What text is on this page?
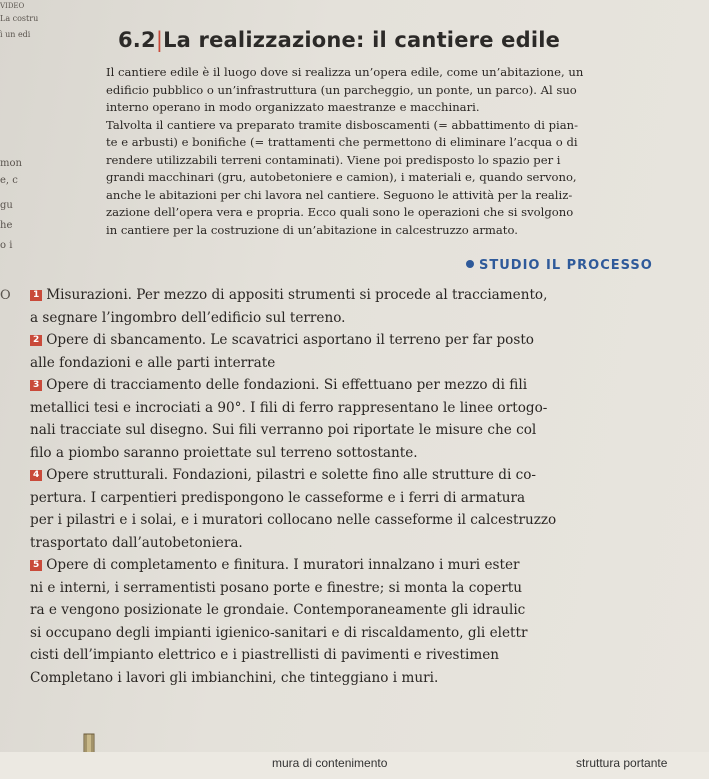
VIDEO
La costru
ì un edi
mon
e, c
gu
he
o i
O
6.2|La realizzazione: il cantiere edile
Il cantiere edile è il luogo dove si realizza un’opera edile, come un’abitazione, un
edificio pubblico o un’infrastruttura (un parcheggio, un ponte, un parco). Al suo
interno operano in modo organizzato maestranze e macchinari.
Talvolta il cantiere va preparato tramite disboscamenti (= abbattimento di pian-
te e arbusti) e bonifiche (= trattamenti che permettono di eliminare l’acqua o di
rendere utilizzabili terreni contaminati). Viene poi predisposto lo spazio per i
grandi macchinari (gru, autobetoniere e camion), i materiali e, quando servono,
anche le abitazioni per chi lavora nel cantiere. Seguono le attività per la realiz-
zazione dell’opera vera e propria. Ecco quali sono le operazioni che si svolgono
in cantiere per la costruzione di un’abitazione in calcestruzzo armato.
STUDIO IL PROCESSO
1 Misurazioni. Per mezzo di appositi strumenti si procede al tracciamento,
a segnare l’ingombro dell’edificio sul terreno.
2 Opere di sbancamento. Le scavatrici asportano il terreno per far posto
alle fondazioni e alle parti interrate
3 Opere di tracciamento delle fondazioni. Si effettuano per mezzo di fili
metallici tesi e incrociati a 90°. I fili di ferro rappresentano le linee ortogo-
nali tracciate sul disegno. Sui fili verranno poi riportate le misure che col
filo a piombo saranno proiettate sul terreno sottostante.
4 Opere strutturali. Fondazioni, pilastri e solette fino alle strutture di co-
pertura. I carpentieri predispongono le casseforme e i ferri di armatura
per i pilastri e i solai, e i muratori collocano nelle casseforme il calcestruzzo
trasportato dall’autobetoniera.
5 Opere di completamento e finitura. I muratori innalzano i muri ester
ni e interni, i serramentisti posano porte e finestre; si monta la copertu
ra e vengono posizionate le grondaie. Contemporaneamente gli idraulic
si occupano degli impianti igienico-sanitari e di riscaldamento, gli elettr
cisti dell’impianto elettrico e i piastrellisti di pavimenti e rivestimen
Completano i lavori gli imbianchini, che tinteggiano i muri.
mura di contenimento	struttura portante
